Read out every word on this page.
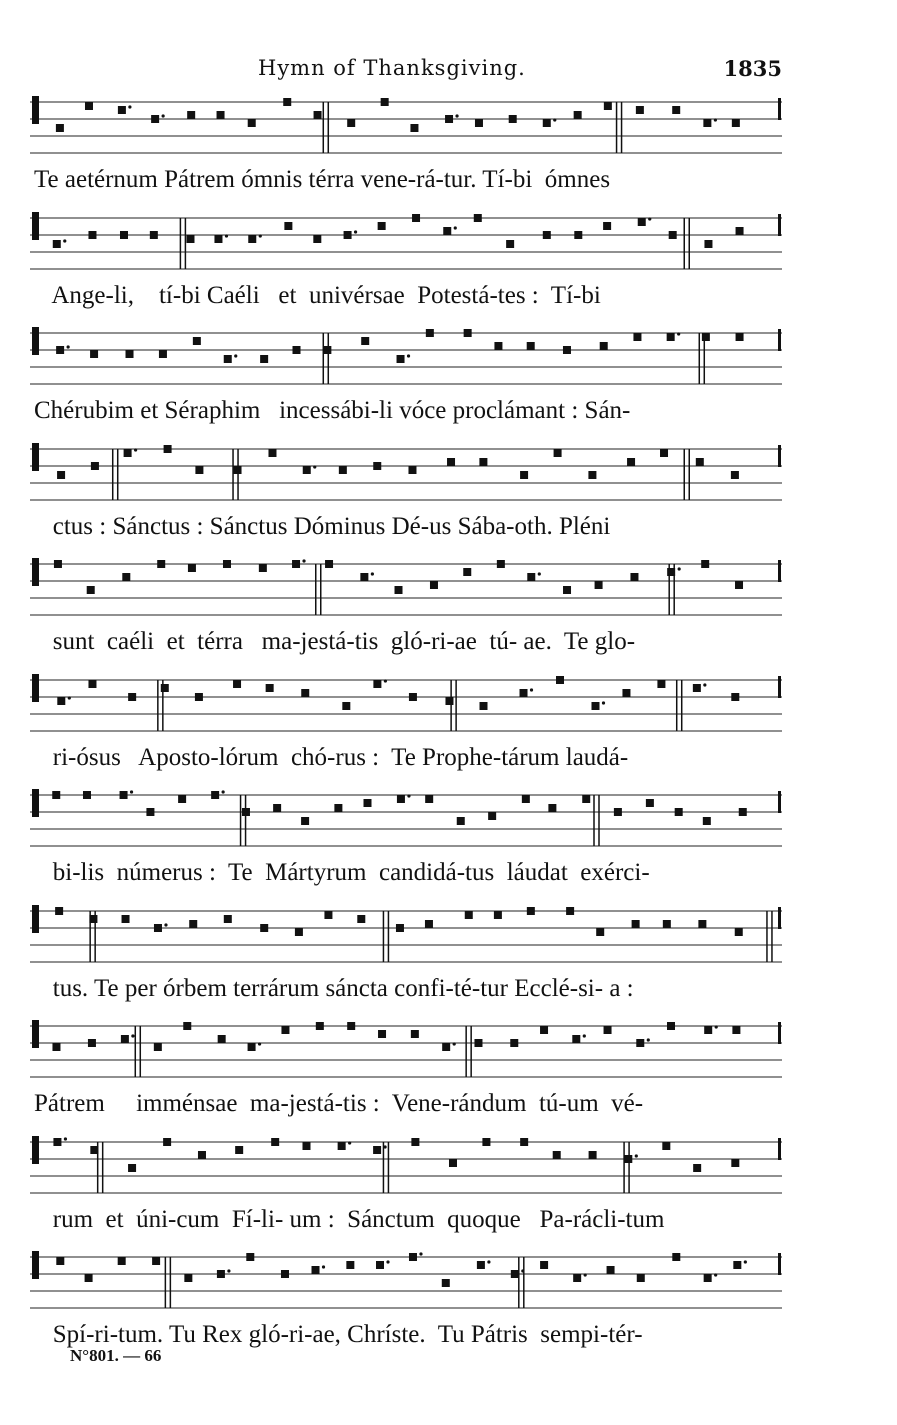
Hymn of Thanksgiving.	1835
Te aetérnum Pátrem ómnis térra vene-rá-tur. Tí-bi  ómnes
Ange-li,    tí-bi Caéli   et  univérsae  Potestá-tes :  Tí-bi
Chérubim et Séraphim   incessábi-li vóce proclámant : Sán-
ctus : Sánctus : Sánctus Dóminus Dé-us Sába-oth. Pléni
sunt  caéli  et  térra   ma-jestá-tis  gló-ri-ae  tú- ae.  Te glo-
ri-ósus   Aposto-lórum  chó-rus :  Te Prophe-tárum laudá-
bi-lis  númerus :  Te  Mártyrum  candidá-tus  láudat  exérci-
tus. Te per órbem terrárum sáncta confi-té-tur Ecclé-si- a :
Pátrem     imménsae  ma-jestá-tis :  Vene-rándum  tú-um  vé-
rum  et  úni-cum  Fí-li- um :  Sánctum  quoque   Pa-rácli-tum
Spí-ri-tum. Tu Rex gló-ri-ae, Chríste.  Tu Pátris  sempi-tér-
N°801. — 66
